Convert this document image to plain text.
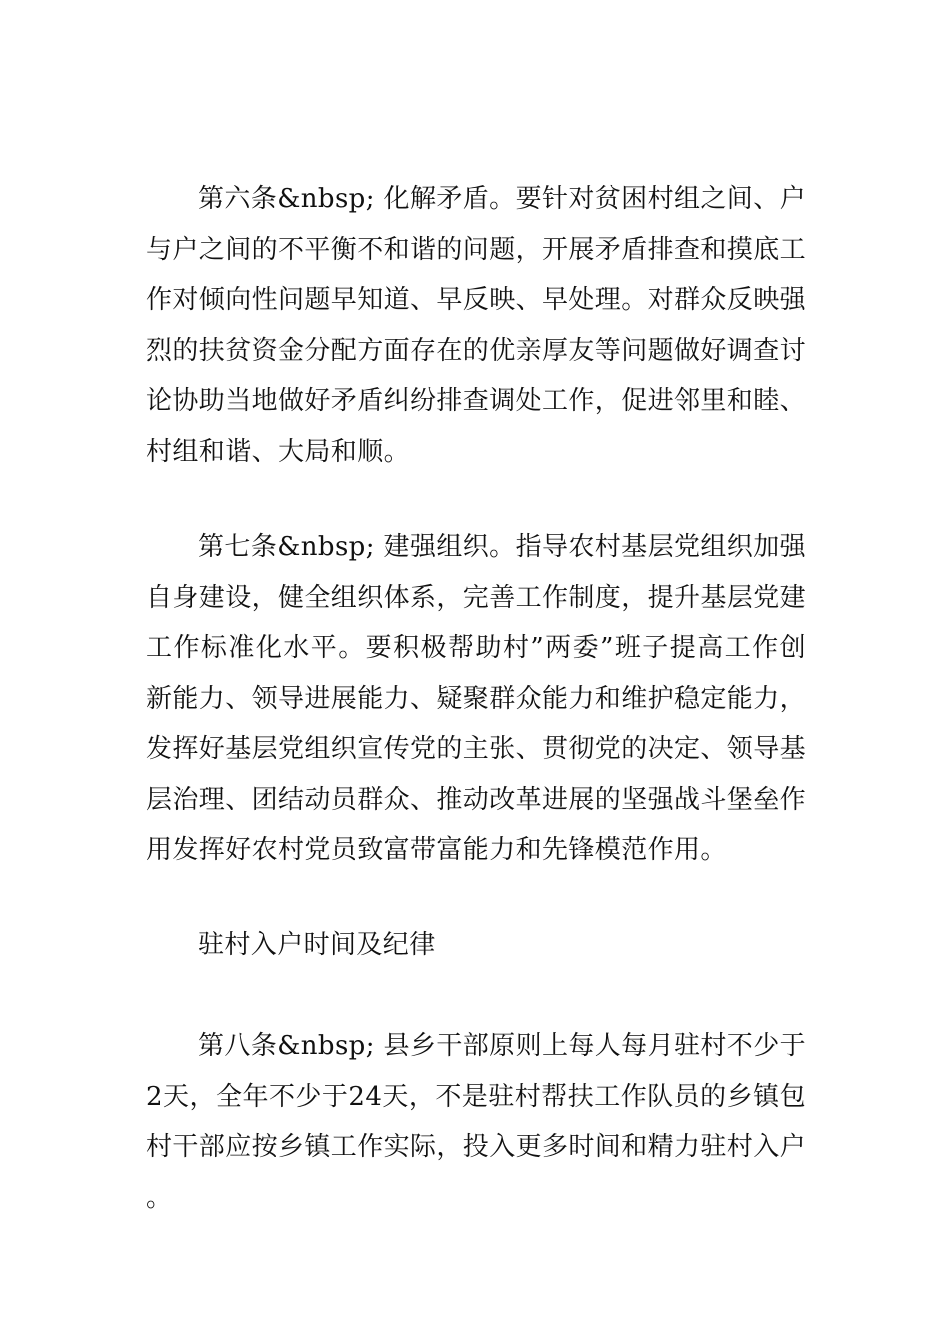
第六条&nbsp; 化解矛盾。要针对贫困村组之间、户与户之间的不平衡不和谐的问题，开展矛盾排查和摸底工作对倾向性问题早知道、早反映、早处理。对群众反映强烈的扶贫资金分配方面存在的优亲厚友等问题做好调查讨论协助当地做好矛盾纠纷排查调处工作，促进邻里和睦、村组和谐、大局和顺。

第七条&nbsp; 建强组织。指导农村基层党组织加强自身建设，健全组织体系，完善工作制度，提升基层党建工作标准化水平。要积极帮助村”两委”班子提高工作创新能力、领导进展能力、疑聚群众能力和维护稳定能力，发挥好基层党组织宣传党的主张、贯彻党的决定、领导基层治理、团结动员群众、推动改革进展的坚强战斗堡垒作用发挥好农村党员致富带富能力和先锋模范作用。

驻村入户时间及纪律

第八条&nbsp; 县乡干部原则上每人每月驻村不少于2天，全年不少于24天，不是驻村帮扶工作队员的乡镇包村干部应按乡镇工作实际，投入更多时间和精力驻村入户。
